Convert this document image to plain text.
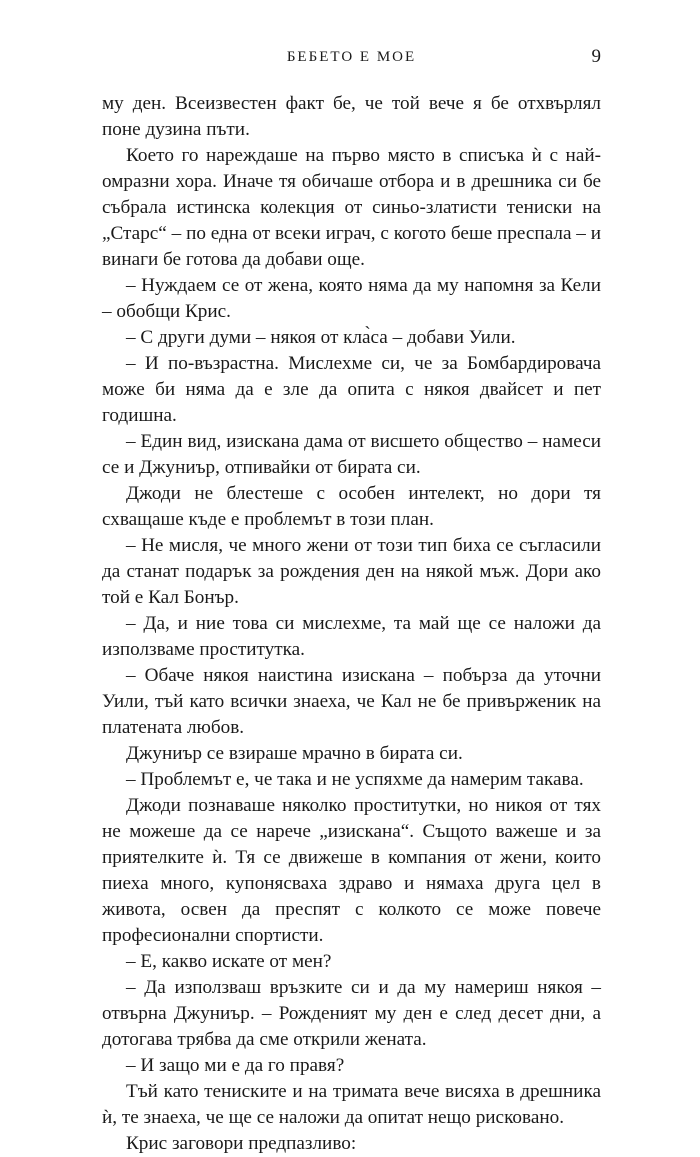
БЕБЕТО Е МОЕ	9

му ден. Всеизвестен факт бе, че той вече я бе отхвърлял поне дузина пъти.

Което го нареждаше на първо място в списъка ѝ с най-омразни хора. Иначе тя обичаше отбора и в дрешника си бе събрала истинска колекция от синьо-златисти тениски на „Старс“ – по една от всеки играч, с когото беше преспала – и винаги бе готова да добави още.

– Нуждаем се от жена, която няма да му напомня за Кели – обобщи Крис.

– С други думи – някоя от кла̀са – добави Уили.

– И по-възрастна. Мислехме си, че за Бомбардировача може би няма да е зле да опита с някоя двайсет и пет годишна.

– Един вид, изискана дама от висшето общество – намеси се и Джуниър, отпивайки от бирата си.

Джоди не блестеше с особен интелект, но дори тя схващаше къде е проблемът в този план.

– Не мисля, че много жени от този тип биха се съгласили да станат подарък за рождения ден на някой мъж. Дори ако той е Кал Бонър.

– Да, и ние това си мислехме, та май ще се наложи да използваме проститутка.

– Обаче някоя наистина изискана – побърза да уточни Уили, тъй като всички знаеха, че Кал не бе привърженик на платената любов.

Джуниър се взираше мрачно в бирата си.

– Проблемът е, че така и не успяхме да намерим такава.

Джоди познаваше няколко проститутки, но никоя от тях не можеше да се нарече „изискана“. Същото важеше и за приятелките ѝ. Тя се движеше в компания от жени, които пиеха много, купонясваха здраво и нямаха друга цел в живота, освен да преспят с колкото се може повече професионални спортисти.

– Е, какво искате от мен?

– Да използваш връзките си и да му намериш някоя – отвърна Джуниър. – Рожденият му ден е след десет дни, а дотогава трябва да сме открили жената.

– И защо ми е да го правя?

Тъй като тениските и на тримата вече висяха в дрешника ѝ, те знаеха, че ще се наложи да опитат нещо рисковано.

Крис заговори предпазливо:
